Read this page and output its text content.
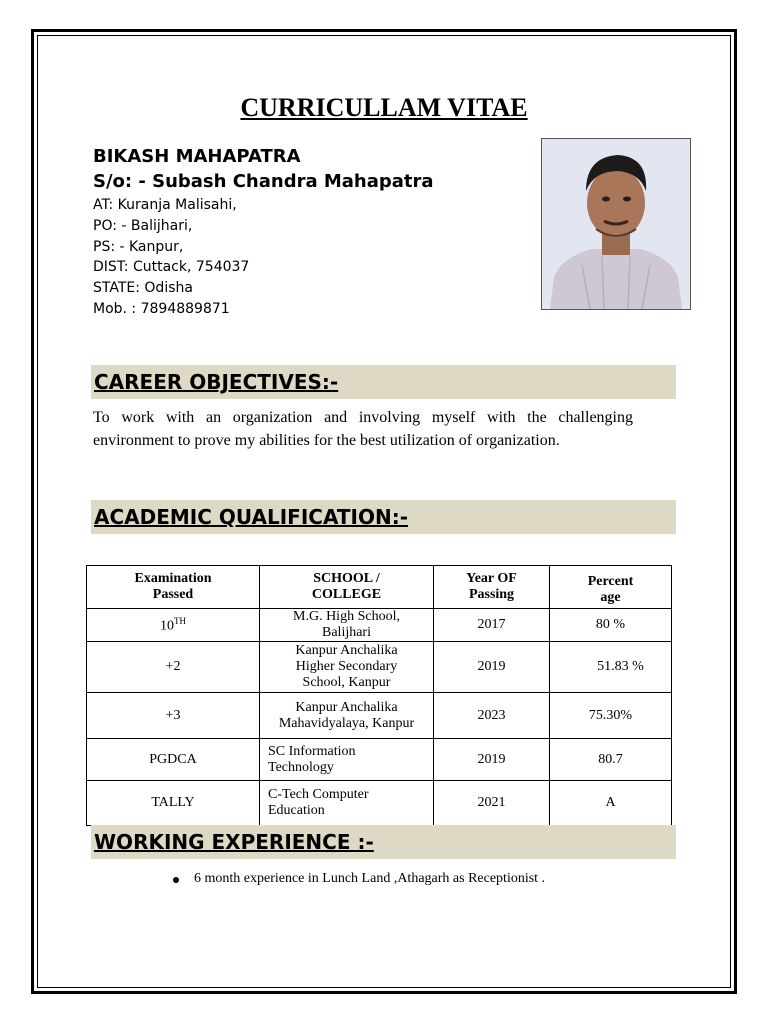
CURRICULLAM VITAE
BIKASH MAHAPATRA
S/o: - Subash Chandra Mahapatra
AT: Kuranja Malisahi,
PO: - Balijhari,
PS: - Kanpur,
DIST: Cuttack, 754037
STATE: Odisha
Mob. : 7894889871
CAREER OBJECTIVES:-
To work with an organization and involving myself with the challenging environment to prove my abilities for the best utilization of organization.
ACADEMIC QUALIFICATION:-
Examination Passed	SCHOOL / COLLEGE	Year OF Passing	Percent age

10TH	M.G. High School, Balijhari	2017	80 %
+2	Kanpur Anchalika Higher Secondary School, Kanpur	2019	51.83 %
+3	Kanpur Anchalika Mahavidyalaya, Kanpur	2023	75.30%
PGDCA	SC Information Technology	2019	80.7
TALLY	C-Tech Computer Education	2021	A
WORKING EXPERIENCE :-
6 month experience in Lunch Land ,Athagarh as Receptionist .
